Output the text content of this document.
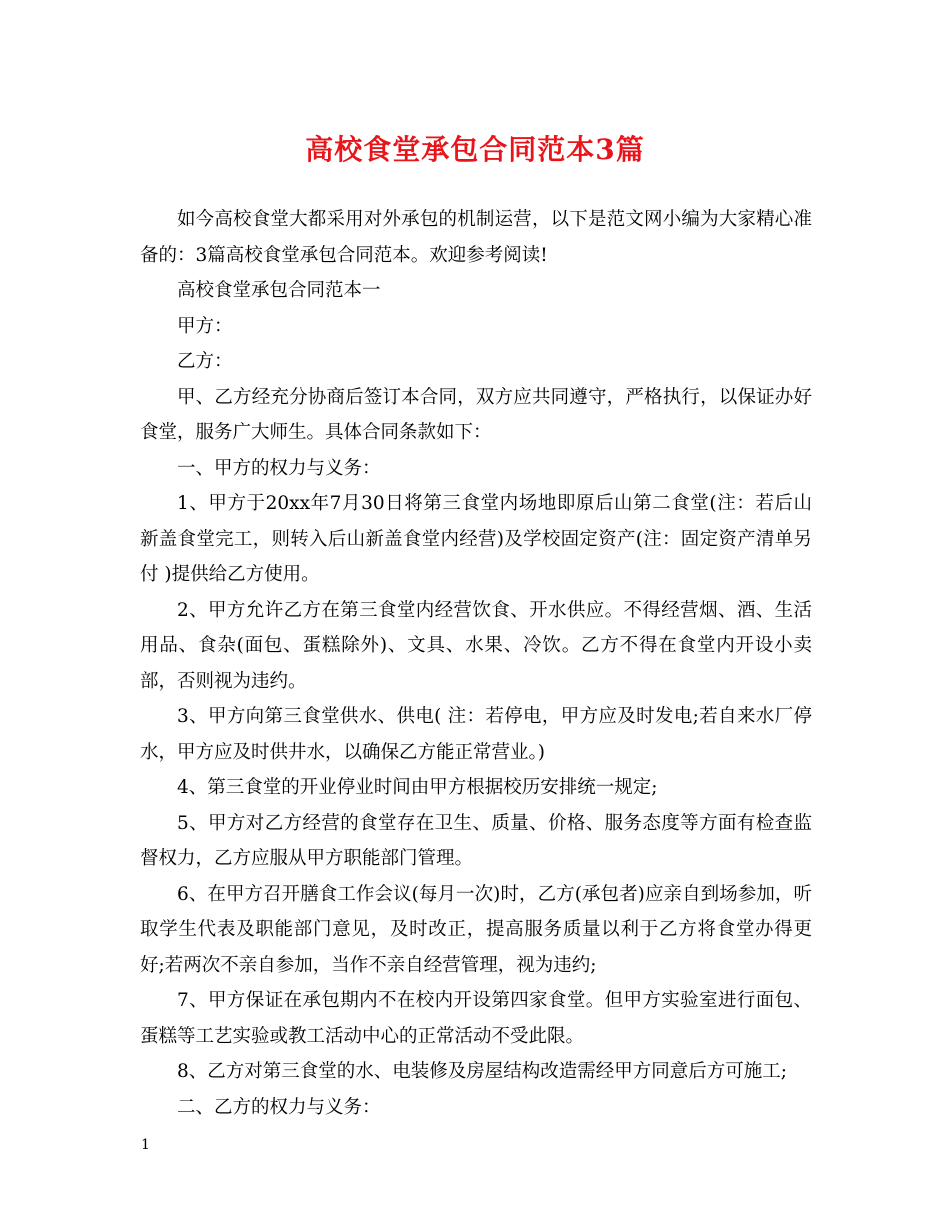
高校食堂承包合同范本3篇

如今高校食堂大都采用对外承包的机制运营，以下是范文网小编为大家精心准备的：3篇高校食堂承包合同范本。欢迎参考阅读!

高校食堂承包合同范本一

甲方：

乙方：

甲、乙方经充分协商后签订本合同，双方应共同遵守，严格执行，以保证办好食堂，服务广大师生。具体合同条款如下：

一、甲方的权力与义务：

1、甲方于20xx年7月30日将第三食堂内场地即原后山第二食堂(注：若后山新盖食堂完工，则转入后山新盖食堂内经营)及学校固定资产(注：固定资产清单另付 )提供给乙方使用。

2、甲方允许乙方在第三食堂内经营饮食、开水供应。不得经营烟、酒、生活用品、食杂(面包、蛋糕除外)、文具、水果、冷饮。乙方不得在食堂内开设小卖部，否则视为违约。

3、甲方向第三食堂供水、供电( 注：若停电，甲方应及时发电;若自来水厂停水，甲方应及时供井水，以确保乙方能正常营业。)

4、第三食堂的开业停业时间由甲方根据校历安排统一规定;

5、甲方对乙方经营的食堂存在卫生、质量、价格、服务态度等方面有检查监督权力，乙方应服从甲方职能部门管理。

6、在甲方召开膳食工作会议(每月一次)时，乙方(承包者)应亲自到场参加，听取学生代表及职能部门意见，及时改正，提高服务质量以利于乙方将食堂办得更好;若两次不亲自参加，当作不亲自经营管理，视为违约;

7、甲方保证在承包期内不在校内开设第四家食堂。但甲方实验室进行面包、蛋糕等工艺实验或教工活动中心的正常活动不受此限。

8、乙方对第三食堂的水、电装修及房屋结构改造需经甲方同意后方可施工;

二、乙方的权力与义务：

1
